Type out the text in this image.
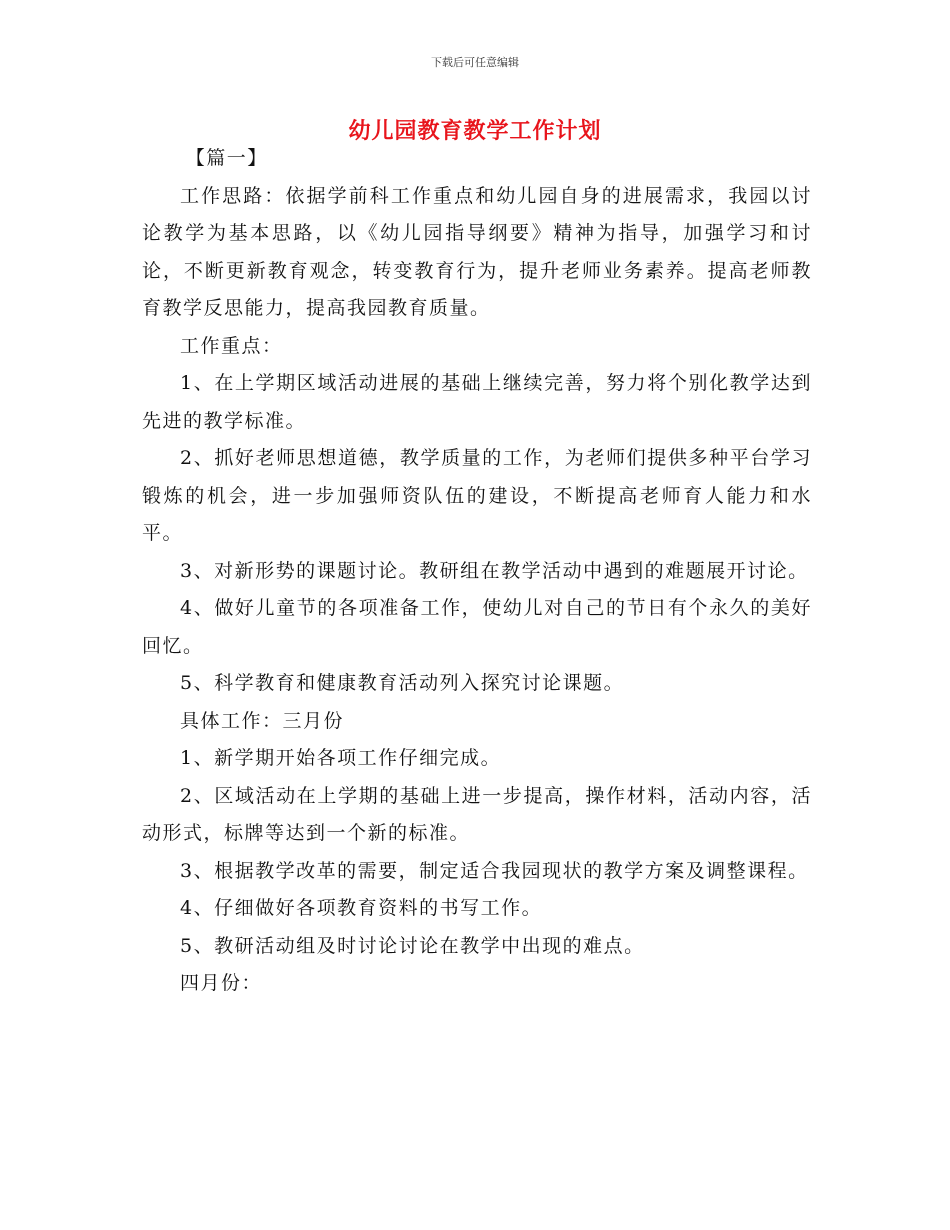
下载后可任意编辑
幼儿园教育教学工作计划

【篇一】

工作思路：依据学前科工作重点和幼儿园自身的进展需求，我园以讨论教学为基本思路，以《幼儿园指导纲要》精神为指导，加强学习和讨论，不断更新教育观念，转变教育行为，提升老师业务素养。提高老师教育教学反思能力，提高我园教育质量。

工作重点：

1、在上学期区域活动进展的基础上继续完善，努力将个别化教学达到先进的教学标准。

2、抓好老师思想道德，教学质量的工作，为老师们提供多种平台学习锻炼的机会，进一步加强师资队伍的建设，不断提高老师育人能力和水平。

3、对新形势的课题讨论。教研组在教学活动中遇到的难题展开讨论。

4、做好儿童节的各项准备工作，使幼儿对自己的节日有个永久的美好回忆。

5、科学教育和健康教育活动列入探究讨论课题。

具体工作：三月份

1、新学期开始各项工作仔细完成。

2、区域活动在上学期的基础上进一步提高，操作材料，活动内容，活动形式，标牌等达到一个新的标准。

3、根据教学改革的需要，制定适合我园现状的教学方案及调整课程。

4、仔细做好各项教育资料的书写工作。

5、教研活动组及时讨论讨论在教学中出现的难点。

四月份：
